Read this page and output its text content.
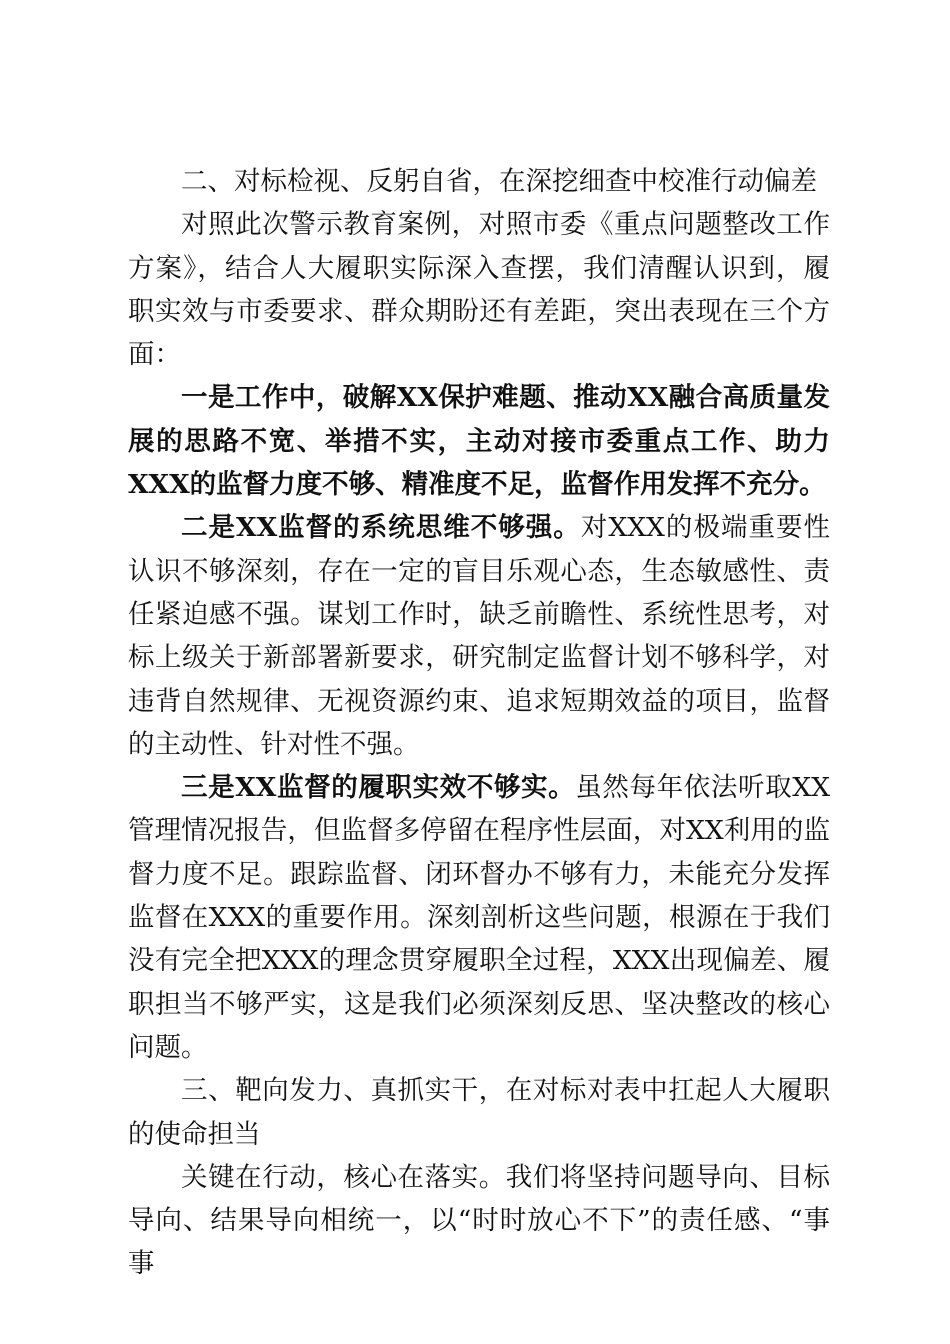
二、对标检视、反躬自省，在深挖细查中校准行动偏差

对照此次警示教育案例，对照市委《重点问题整改工作方案》，结合人大履职实际深入查摆，我们清醒认识到，履职实效与市委要求、群众期盼还有差距，突出表现在三个方面：

一是工作中，破解XX保护难题、推动XX融合高质量发展的思路不宽、举措不实，主动对接市委重点工作、助力XXX的监督力度不够、精准度不足，监督作用发挥不充分。

二是XX监督的系统思维不够强。对XXX的极端重要性认识不够深刻，存在一定的盲目乐观心态，生态敏感性、责任紧迫感不强。谋划工作时，缺乏前瞻性、系统性思考，对标上级关于新部署新要求，研究制定监督计划不够科学，对违背自然规律、无视资源约束、追求短期效益的项目，监督的主动性、针对性不强。

三是XX监督的履职实效不够实。虽然每年依法听取XX管理情况报告，但监督多停留在程序性层面，对XX利用的监督力度不足。跟踪监督、闭环督办不够有力，未能充分发挥监督在XXX的重要作用。深刻剖析这些问题，根源在于我们没有完全把XXX的理念贯穿履职全过程，XXX出现偏差、履职担当不够严实，这是我们必须深刻反思、坚决整改的核心问题。

三、靶向发力、真抓实干，在对标对表中扛起人大履职的使命担当

关键在行动，核心在落实。我们将坚持问题导向、目标导向、结果导向相统一，以“时时放心不下”的责任感、“事事
